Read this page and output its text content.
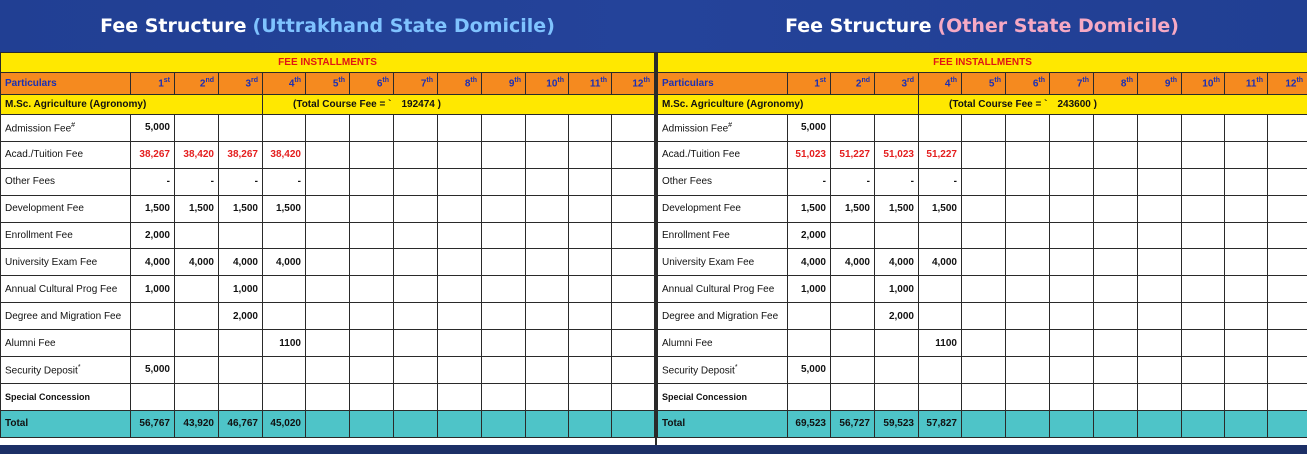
Fee Structure (Uttrakhand State Domicile)	Fee Structure (Other State Domicile)
FEE INSTALLMENTS												
Particulars	1st	2nd	3rd	4th	5th	6th	7th	8th	9th	10th	11th	12th
M.Sc. Agriculture (Agronomy)				(Total Course Fee = ` 192474 )								
Admission Fee#	5,000											
Acad./Tuition Fee	38,267	38,420	38,267	38,420								
Other Fees	-	-	-	-								
Development Fee	1,500	1,500	1,500	1,500								
Enrollment Fee	2,000											
University Exam Fee	4,000	4,000	4,000	4,000								
Annual Cultural Prog Fee	1,000		1,000									
Degree and Migration Fee			2,000									
Alumni Fee				1100								
Security Deposit*	5,000											
Special Concession												
Total	56,767	43,920	46,767	45,020								
FEE INSTALLMENTS												
Particulars	1st	2nd	3rd	4th	5th	6th	7th	8th	9th	10th	11th	12th
M.Sc. Agriculture (Agronomy)				(Total Course Fee = ` 243600 )								
Admission Fee#	5,000											
Acad./Tuition Fee	51,023	51,227	51,023	51,227								
Other Fees	-	-	-	-								
Development Fee	1,500	1,500	1,500	1,500								
Enrollment Fee	2,000											
University Exam Fee	4,000	4,000	4,000	4,000								
Annual Cultural Prog Fee	1,000		1,000									
Degree and Migration Fee			2,000									
Alumni Fee				1100								
Security Deposit*	5,000											
Special Concession												
Total	69,523	56,727	59,523	57,827								
